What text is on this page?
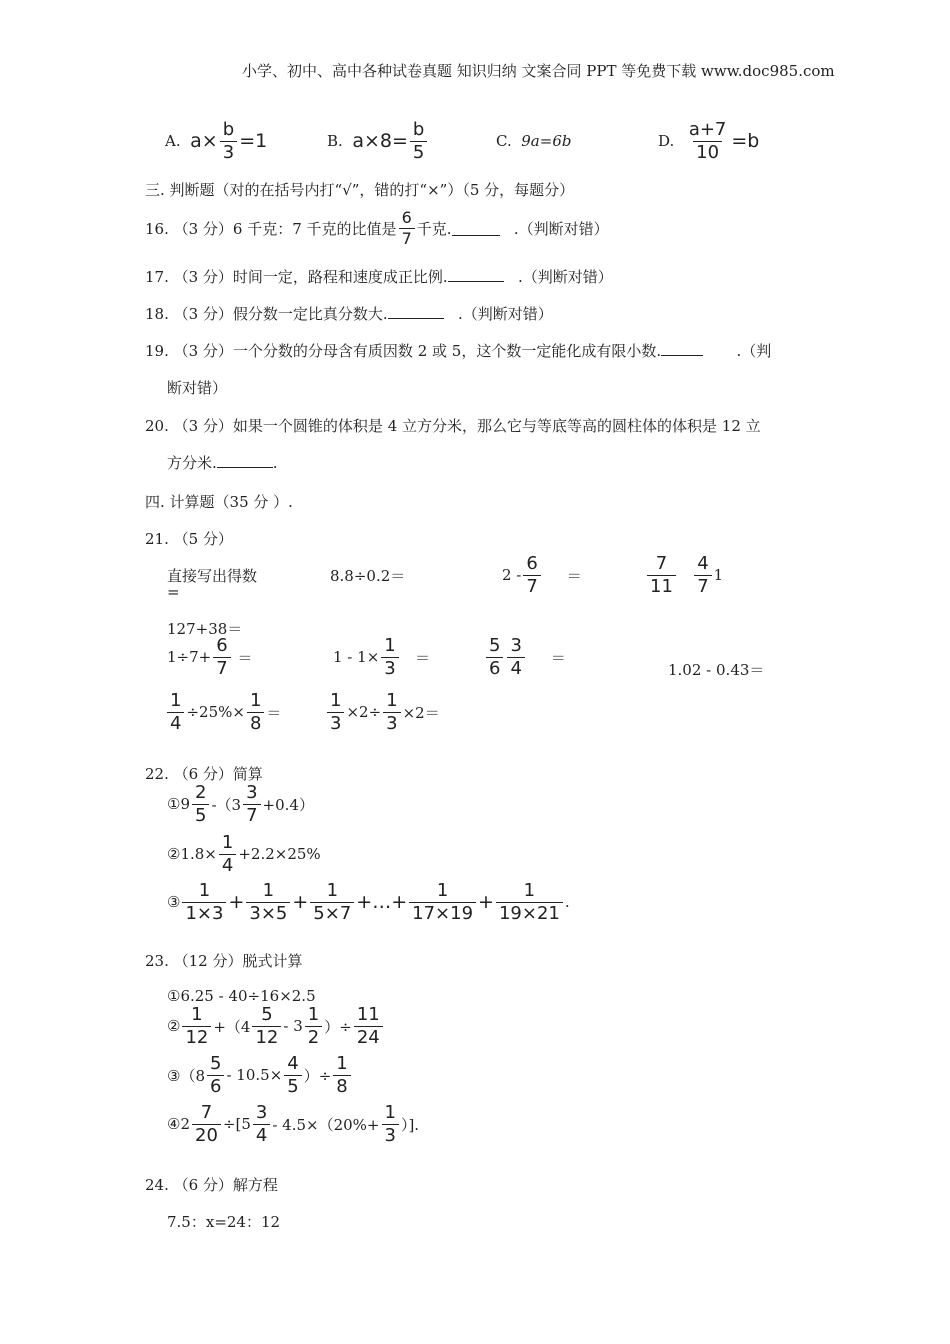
小学、初中、高中各种试卷真题 知识归纳 文案合同 PPT 等免费下载 www.doc985.com
A.
$a\times \frac{b}{3} =1$	B.
$a\times 8= \frac{b}{5}$	C.
9a=6b	D.
$\frac{a+7}{10} =b$
三. 判断题（对的在括号内打“√”，错的打“×”）（5 分，每题分）
16. （3 分）6 千克：7 千克的比值是 $\frac{6}{7}$ 千克.
	.（判断对错）
17. （3 分）时间一定，路程和速度成正比例.	.（判断对错）
18. （3 分）假分数一定比真分数大.	.（判断对错）
19. （3 分）一个分数的分母含有质因数 2 或 5，这个数一定能化成有限小数.	.（判
断对错）
20. （3 分）如果一个圆锥的体积是 4 立方分米，那么它与等底等高的圆柱体的体积是 12 立
方分米.	.
四. 计算题（35 分 ）.
21. （5 分）
直接写出得数
=
8.8÷0.2＝	$2 - \frac{6}{7}$
＝	$\frac{7}{11}$
$\frac{4}{7} 1$
127+38＝
$1\div 7+ \frac{6}{7}$
＝	$1 - 1\times \frac{1}{3}$
＝	$\frac{5}{6} \frac{3}{4}$
＝
1.02 - 0.43＝
$\frac{1}{4} \div 25\%\times \frac{1}{8}$ ＝	$\frac{1}{3} \times 2\div \frac{1}{3} \times 2=$
22. （6 分）简算
①9 $\frac{2}{5} -(3 \frac{3}{7} +0.4)$
②1.8× $\frac{1}{4} +2.2\times 25\%$
③ $\frac{1}{1\times 3} + \frac{1}{3\times 5} + \frac{1}{5\times 7}$ +…+ $\frac{1}{17\times 19} + \frac{1}{19\times 21}$ .
23. （12 分）脱式计算
①6.25 - 40÷16×2.5
② $\frac{1}{12} +(4 \frac{5}{12} - 3 \frac{1}{2}$ ）÷ $\frac{11}{24}$
③（8 $\frac{5}{6} - 10.5\times \frac{4}{5}$ ）÷ $\frac{1}{8}$
④2 $\frac{7}{20} \div[5 \frac{3}{4} - 4.5\times(20\%+ \frac{1}{3}$ ）].
24. （6 分）解方程
7.5：x=24：12
